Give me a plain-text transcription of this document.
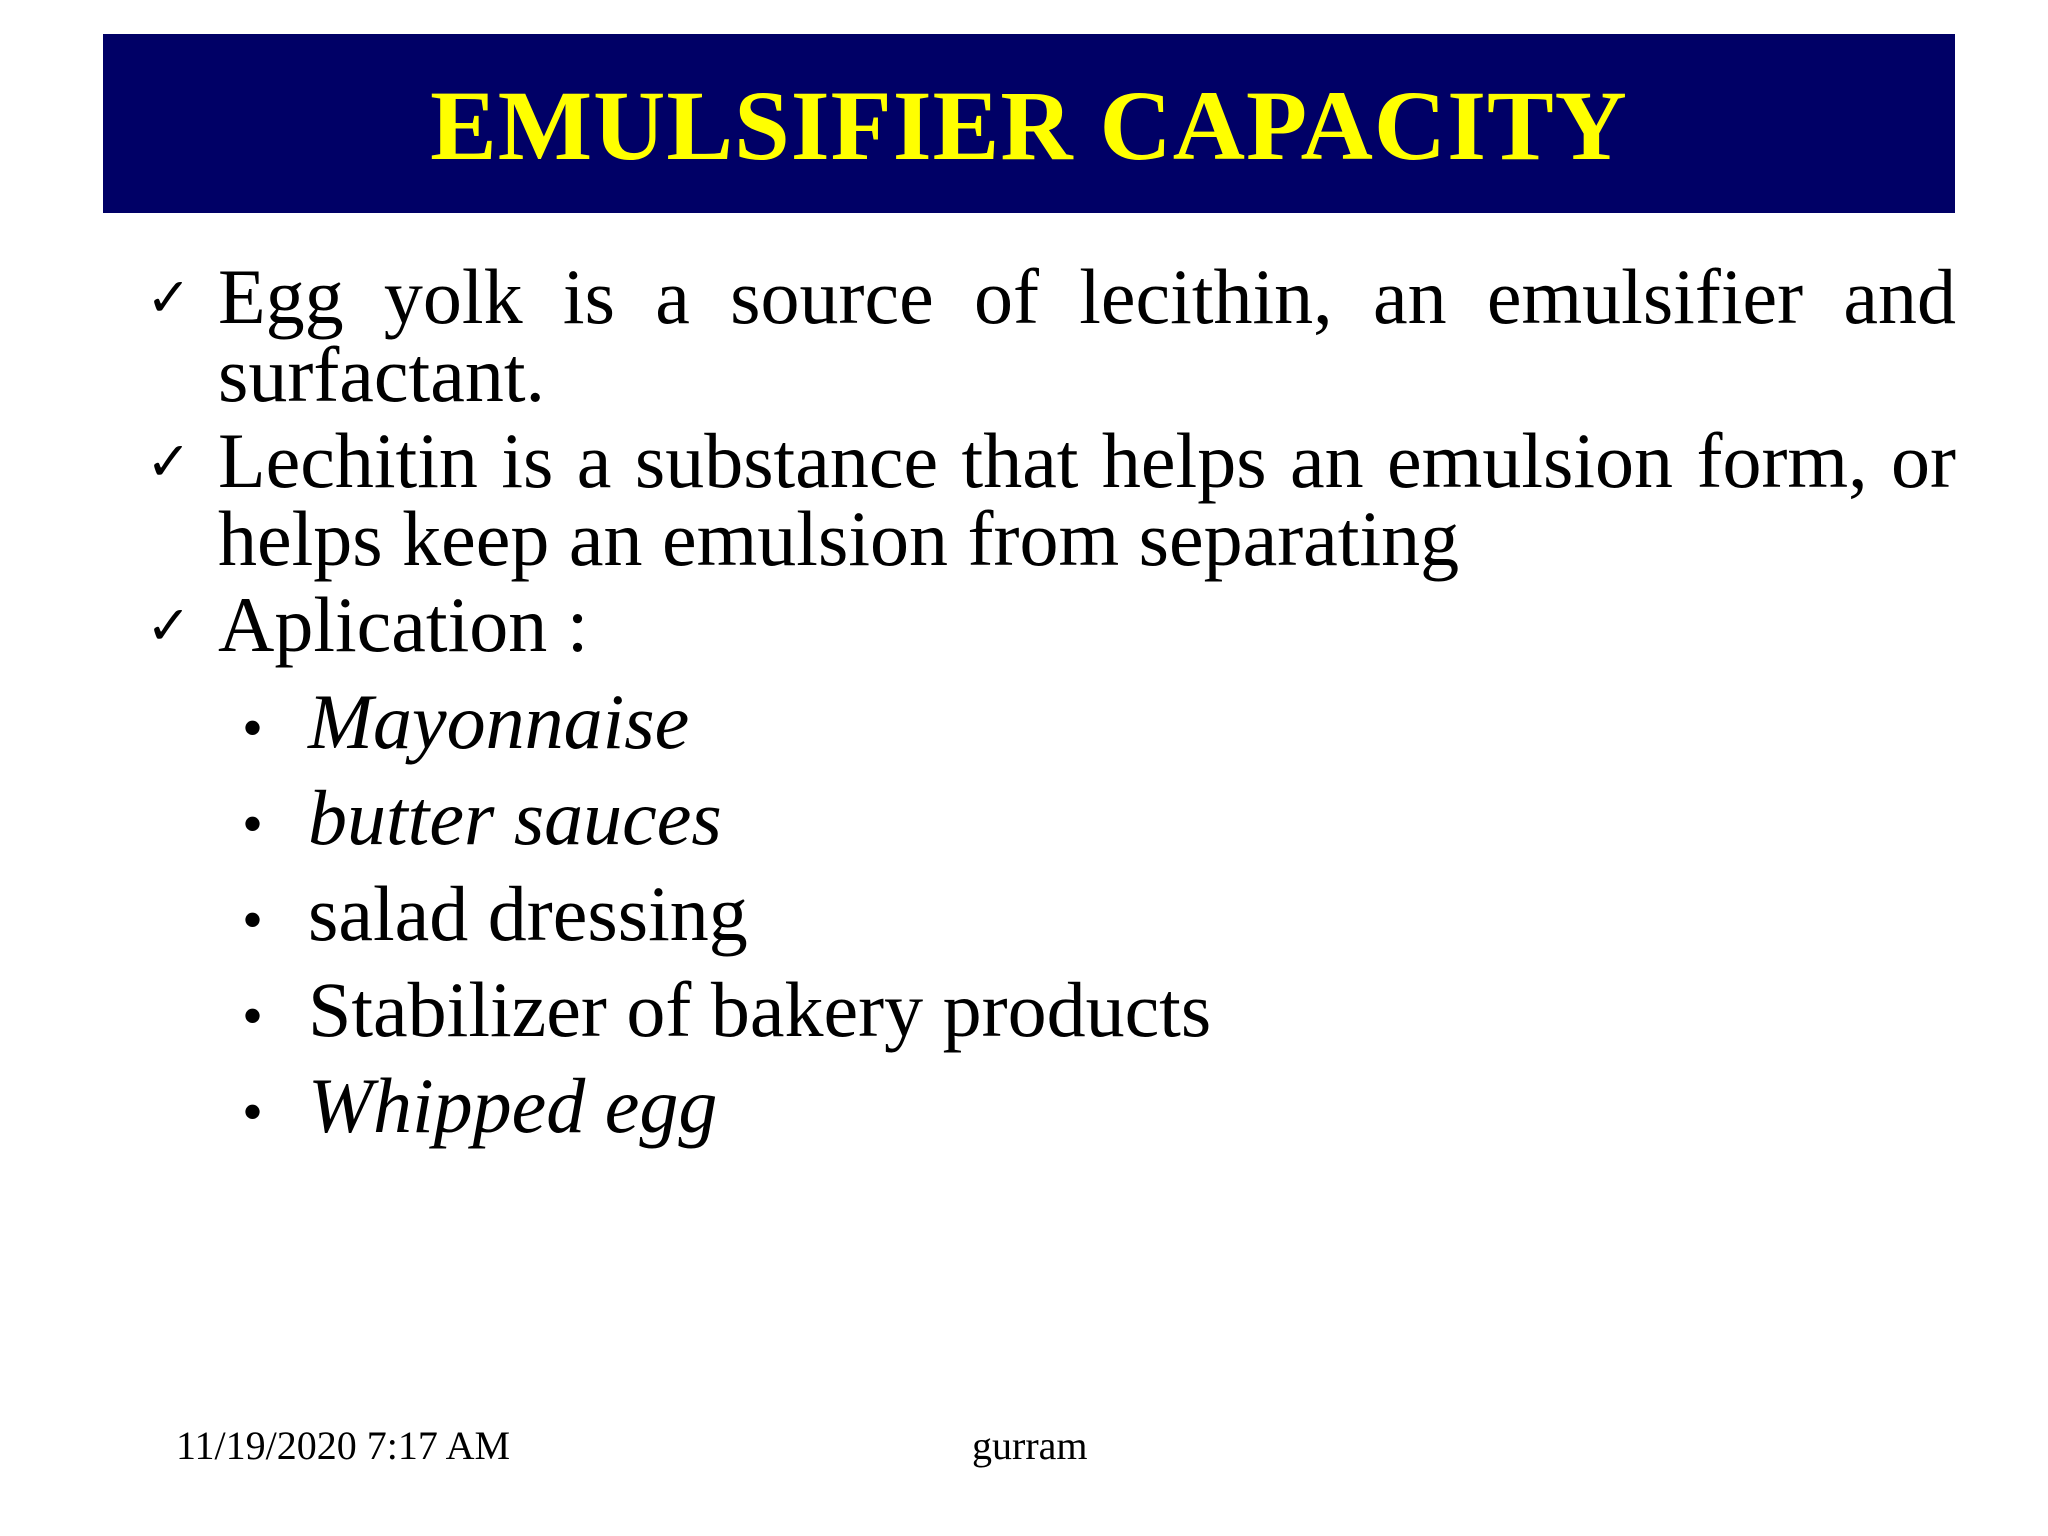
EMULSIFIER CAPACITY
✓ Egg yolk is a source of lecithin, an emulsifier and surfactant.
✓ Lechitin is a substance that helps an emulsion form, or helps keep an emulsion from separating
✓ Aplication :
• Mayonnaise
• butter sauces
• salad dressing
• Stabilizer of bakery products
• Whipped egg
11/19/2020 7:17 AM	gurram
